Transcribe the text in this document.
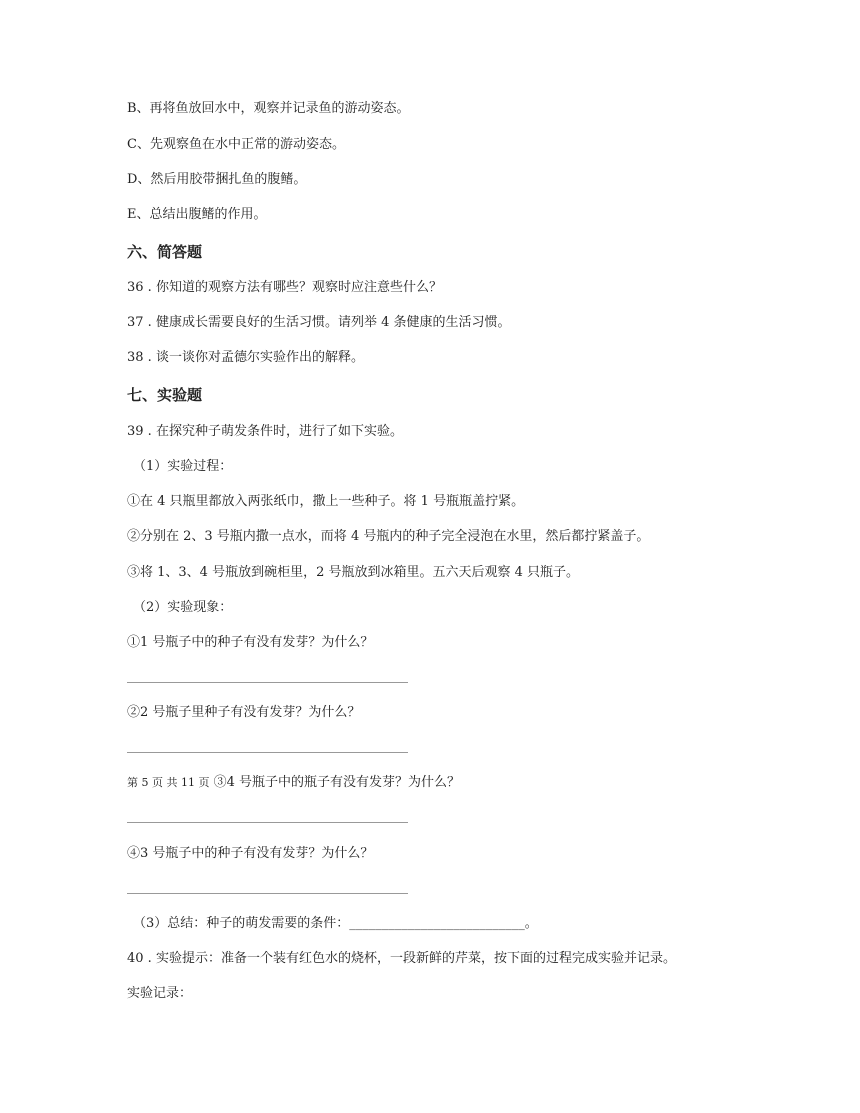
B、再将鱼放回水中，观察并记录鱼的游动姿态。
C、先观察鱼在水中正常的游动姿态。
D、然后用胶带捆扎鱼的腹鳍。
E、总结出腹鳍的作用。
六、简答题
36 . 你知道的观察方法有哪些？观察时应注意些什么？
37 . 健康成长需要良好的生活习惯。请列举 4 条健康的生活习惯。
38 . 谈一谈你对孟德尔实验作出的解释。
七、实验题
39 . 在探究种子萌发条件时，进行了如下实验。
（1）实验过程：
①在 4 只瓶里都放入两张纸巾，撒上一些种子。将 1 号瓶瓶盖拧紧。
②分别在 2、3 号瓶内撒一点水，而将 4 号瓶内的种子完全浸泡在水里，然后都拧紧盖子。
③将 1、3、4 号瓶放到碗柜里，2 号瓶放到冰箱里。五六天后观察 4 只瓶子。
（2）实验现象：
①1 号瓶子中的种子有没有发芽？为什么？
②2 号瓶子里种子有没有发芽？为什么？
第 5 页 共 11 页 ③4 号瓶子中的瓶子有没有发芽？为什么？
④3 号瓶子中的种子有没有发芽？为什么？
（3）总结：种子的萌发需要的条件：___________________________。
40 . 实验提示：准备一个装有红色水的烧杯，一段新鲜的芹菜，按下面的过程完成实验并记录。
实验记录：
